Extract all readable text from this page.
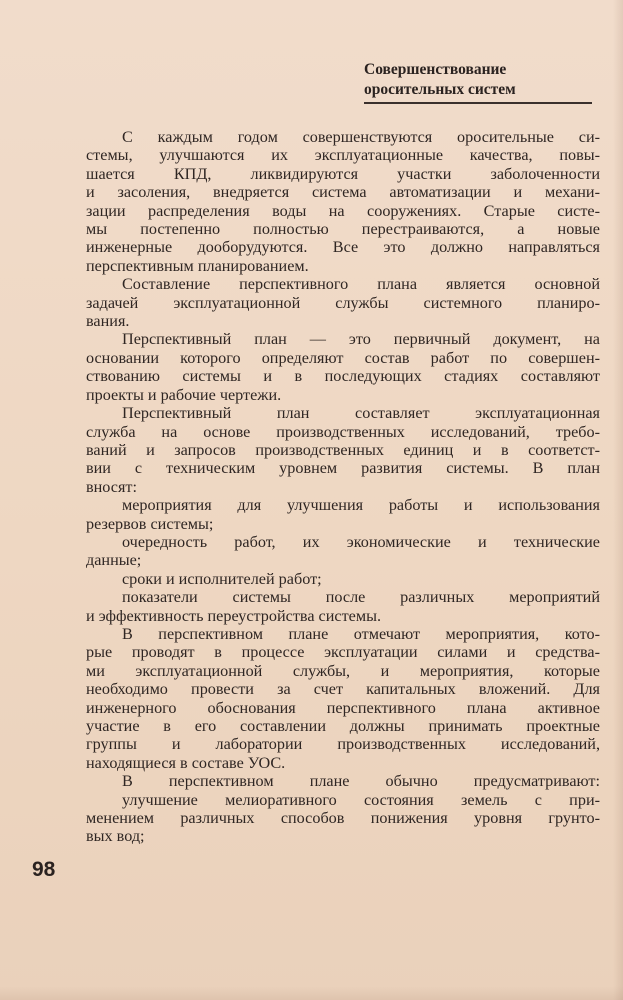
Совершенствование
оросительных систем
С каждым годом совершенствуются оросительные си-
стемы, улучшаются их эксплуатационные качества, повы-
шается КПД, ликвидируются участки заболоченности
и засоления, внедряется система автоматизации и механи-
зации распределения воды на сооружениях. Старые систе-
мы постепенно полностью перестраиваются, а новые
инженерные дооборудуются. Все это должно направляться
перспективным планированием.
Составление перспективного плана является основной
задачей эксплуатационной службы системного планиро-
вания.
Перспективный план — это первичный документ, на
основании которого определяют состав работ по совершен-
ствованию системы и в последующих стадиях составляют
проекты и рабочие чертежи.
Перспективный план составляет эксплуатационная
служба на основе производственных исследований, требо-
ваний и запросов производственных единиц и в соответст-
вии с техническим уровнем развития системы. В план
вносят:
мероприятия для улучшения работы и использования
резервов системы;
очередность работ, их экономические и технические
данные;
сроки и исполнителей работ;
показатели системы после различных мероприятий
и эффективность переустройства системы.
В перспективном плане отмечают мероприятия, кото-
рые проводят в процессе эксплуатации силами и средства-
ми эксплуатационной службы, и мероприятия, которые
необходимо провести за счет капитальных вложений. Для
инженерного обоснования перспективного плана активное
участие в его составлении должны принимать проектные
группы и лаборатории производственных исследований,
находящиеся в составе УОС.
В перспективном плане обычно предусматривают:
улучшение мелиоративного состояния земель с при-
менением различных способов понижения уровня грунто-
вых вод;
98
